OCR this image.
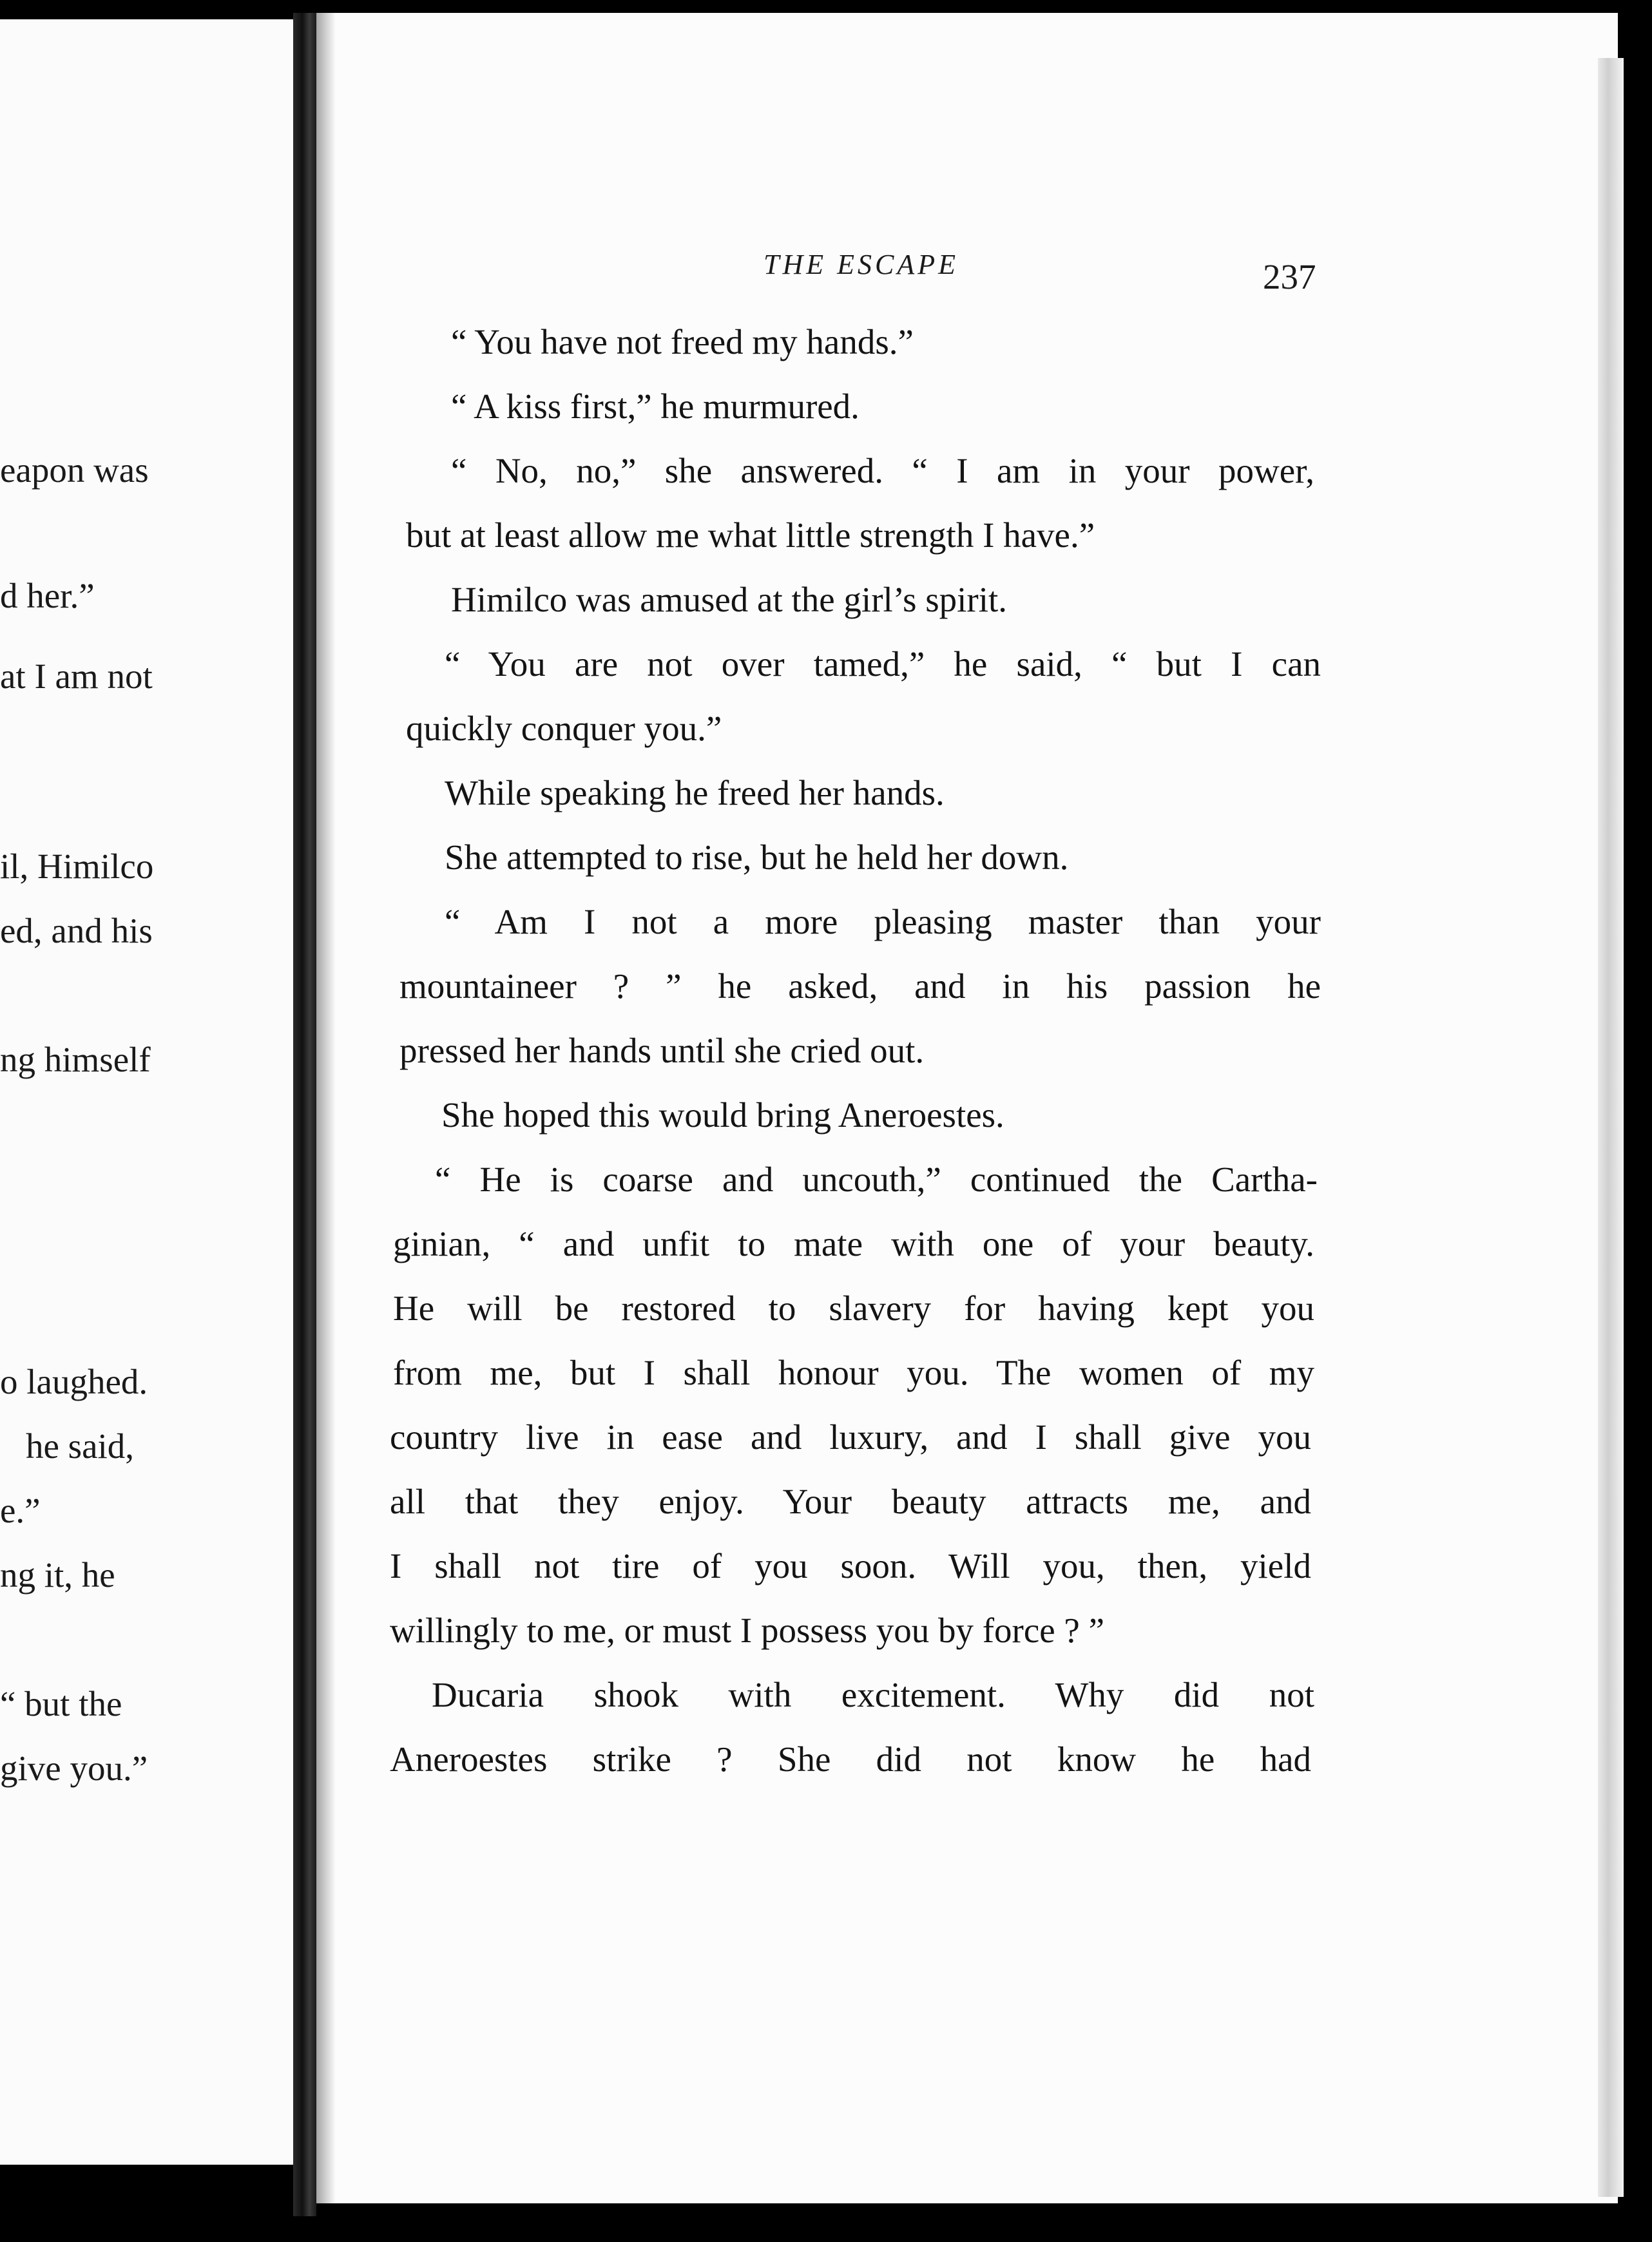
eapon was
d her.”
at I am not
il, Himilco
ed, and his
ng himself
o laughed.
he said,
e.”
ng it, he
“ but the
give you.”
THE ESCAPE	237
“ You have not freed my hands.”
“ A kiss first,” he murmured.
“ No, no,” she answered. “ I am in your power,
but at least allow me what little strength I have.”
Himilco was amused at the girl’s spirit.
“ You are not over tamed,” he said, “ but I can
quickly conquer you.”
While speaking he freed her hands.
She attempted to rise, but he held her down.
“ Am I not a more pleasing master than your
mountaineer ? ” he asked, and in his passion he
pressed her hands until she cried out.
She hoped this would bring Aneroestes.
“ He is coarse and uncouth,” continued the Cartha-
ginian, “ and unfit to mate with one of your beauty.
He will be restored to slavery for having kept you
from me, but I shall honour you. The women of my
country live in ease and luxury, and I shall give you
all that they enjoy. Your beauty attracts me, and
I shall not tire of you soon. Will you, then, yield
willingly to me, or must I possess you by force ? ”
Ducaria shook with excitement. Why did not
Aneroestes strike ? She did not know he had
